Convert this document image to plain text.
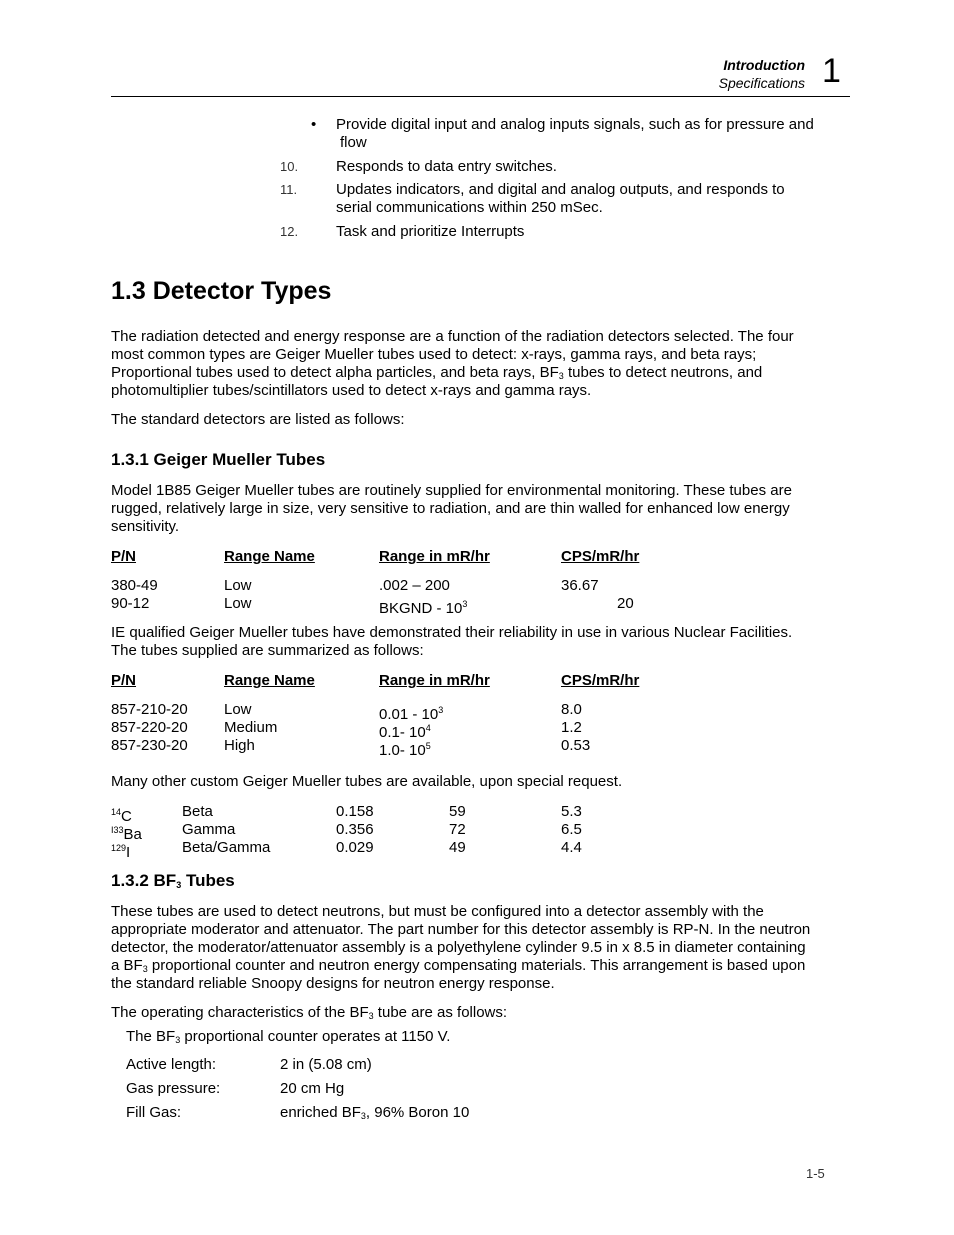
Introduction
Specifications 1
• Provide digital input and analog inputs signals, such as for pressure and
flow
10.	Responds to data entry switches.
11.	Updates indicators, and digital and analog outputs, and responds to
serial communications within 250 mSec.
12.	Task and prioritize Interrupts
1.3 Detector Types
The radiation detected and energy response are a function of the radiation detectors selected. The four
most common types are Geiger Mueller tubes used to detect: x-rays, gamma rays, and beta rays;
Proportional tubes used to detect alpha particles, and beta rays, $BF_3$ tubes to detect neutrons, and
photomultiplier tubes/scintillators used to detect x-rays and gamma rays.
The standard detectors are listed as follows:
1.3.1 Geiger Mueller Tubes
Model 1B85 Geiger Mueller tubes are routinely supplied for environmental monitoring. These tubes are
rugged, relatively large in size, very sensitive to radiation, and are thin walled for enhanced low energy
sensitivity.
P/N	Range Name	Range in mR/hr	CPS/mR/hr
380-49	Low	.002 – 200	36.67
90-12	Low	BKGND - $10^3$	20
IE qualified Geiger Mueller tubes have demonstrated their reliability in use in various Nuclear Facilities.
The tubes supplied are summarized as follows:
P/N	Range Name	Range in mR/hr	CPS/mR/hr
857-210-20 Low	$0.01 - 10^3$	8.0
857-220-20 Medium	0.1- $10^4$	1.2
857-230-20 High	1.0- $10^5$	0.53
Many other custom Geiger Mueller tubes are available, upon special request.
$^{14}$C	Beta	0.158	59	5.3
$^{I33}$Ba	Gamma	0.356	72	6.5
$^{129}$I	Beta/Gamma	0.029	49	4.4
1.3.2 $BF_3$ Tubes
These tubes are used to detect neutrons, but must be configured into a detector assembly with the
appropriate moderator and attenuator. The part number for this detector assembly is RP-N. In the neutron
detector, the moderator/attenuator assembly is a polyethylene cylinder 9.5 in x 8.5 in diameter containing
a $BF_3$ proportional counter and neutron energy compensating materials. This arrangement is based upon
the standard reliable Snoopy designs for neutron energy response.
The operating characteristics of the $BF_3$ tube are as follows:
The $BF_3$ proportional counter operates at 1150 V.
Active length:	2 in (5.08 cm)
Gas pressure:	20 cm Hg
Fill Gas:	enriched $BF_3$, 96% Boron 10
1-5
